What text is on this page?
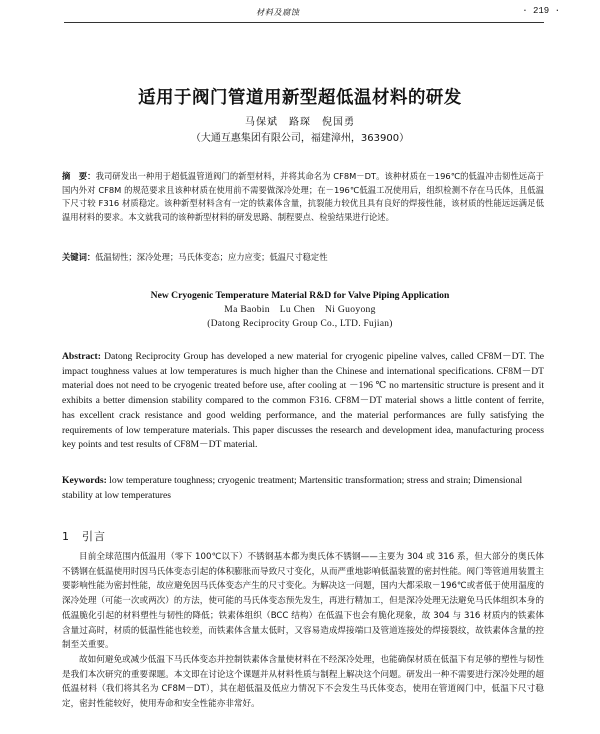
材料及腐蚀	· 219 ·
适用于阀门管道用新型超低温材料的研发
马保斌　路琛　倪国勇
（大通互惠集团有限公司，福建漳州，363900）
摘　要：我司研发出一种用于超低温管道阀门的新型材料，并将其命名为 CF8M－DT。该种材质在－196℃的低温冲击韧性远高于国内外对 CF8M 的规范要求且该种材质在使用前不需要做深冷处理；在－196℃低温工况使用后，组织检测不存在马氏体，且低温下尺寸较 F316 材质稳定。该种新型材料含有一定的铁素体含量，抗裂能力较优且具有良好的焊接性能，该材质的性能远远满足低温用材料的要求。本文就我司的该种新型材料的研发思路、制程要点、检验结果进行论述。
关键词：低温韧性；深冷处理；马氏体变态；应力应变；低温尺寸稳定性
New Cryogenic Temperature Material R&D for Valve Piping Application
Ma Baobin　Lu Chen　Ni Guoyong
(Datong Reciprocity Group Co., LTD. Fujian)
Abstract: Datong Reciprocity Group has developed a new material for cryogenic pipeline valves, called CF8M－DT. The impact toughness values at low temperatures is much higher than the Chinese and international specifications. CF8M－DT material does not need to be cryogenic treated before use, after cooling at －196 ℃ no martensitic structure is present and it exhibits a better dimension stability compared to the common F316. CF8M－DT material shows a little content of ferrite, has excellent crack resistance and good welding performance, and the material performances are fully satisfying the requirements of low temperature materials. This paper discusses the research and development idea, manufacturing process key points and test results of CF8M－DT material.
Keywords: low temperature toughness; cryogenic treatment; Martensitic transformation; stress and strain; Dimensional stability at low temperatures
1　引言

目前全球范围内低温用（零下 100℃以下）不锈钢基本都为奥氏体不锈钢——主要为 304 或 316 系，但大部分的奥氏体不锈钢在低温使用时因马氏体变态引起的体积膨胀而导致尺寸变化，从而严重地影响低温装置的密封性能。阀门等管道用装置主要影响性能为密封性能，故应避免因马氏体变态产生的尺寸变化。为解决这一问题，国内大都采取－196℃或者低于使用温度的深冷处理（可能一次或两次）的方法，使可能的马氏体变态预先发生，再进行精加工，但是深冷处理无法避免马氏体组织本身的低温脆化引起的材料塑性与韧性的降低；铁素体组织（BCC 结构）在低温下也会有脆化现象，故 304 与 316 材质内的铁素体含量过高时，材质的低温性能也较差，而铁素体含量太低时，又容易造成焊接端口及管道连接处的焊接裂纹，故铁素体含量的控制至关重要。

故如何避免或减少低温下马氏体变态并控制铁素体含量使材料在不经深冷处理，也能确保材质在低温下有足够的塑性与韧性是我们本次研究的重要课题。本文即在讨论这个课题并从材料性质与制程上解决这个问题。研发出一种不需要进行深冷处理的超低温材料（我们将其名为 CF8M－DT），其在超低温及低应力情况下不会发生马氏体变态，使用在管道阀门中，低温下尺寸稳定，密封性能较好，使用寿命和安全性能亦非常好。
